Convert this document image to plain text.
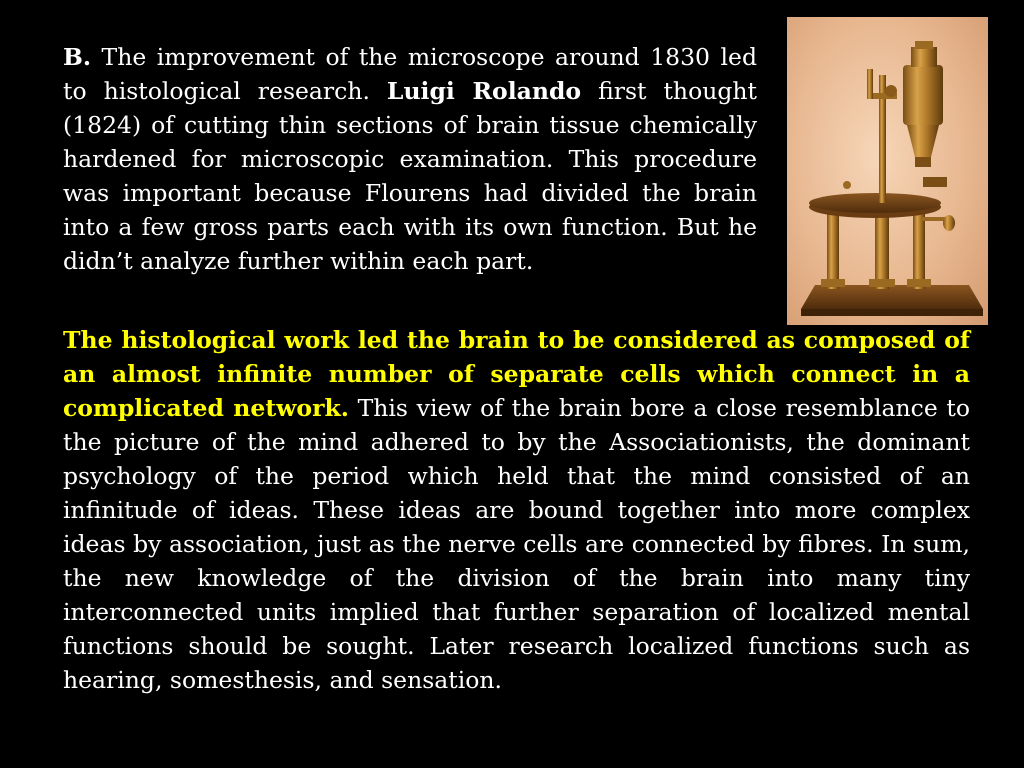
B. The improvement of the microscope around 1830 led to histological research. Luigi Rolando first thought (1824) of cutting thin sections of brain tissue chemically hardened for microscopic examination. This procedure was important because Flourens had divided the brain into a few gross parts each with its own function. But he didn’t analyze further within each part.

The histological work led the brain to be considered as composed of an almost infinite number of separate cells which connect in a complicated network. This view of the brain bore a close resemblance to the picture of the mind adhered to by the Associationists, the dominant psychology of the period which held that the mind consisted of an infinitude of ideas. These ideas are bound together into more complex ideas by association, just as the nerve cells are connected by fibres. In sum, the new knowledge of the division of the brain into many tiny interconnected units implied that further separation of localized mental functions should be sought. Later research localized functions such as hearing, somesthesis, and sensation.
